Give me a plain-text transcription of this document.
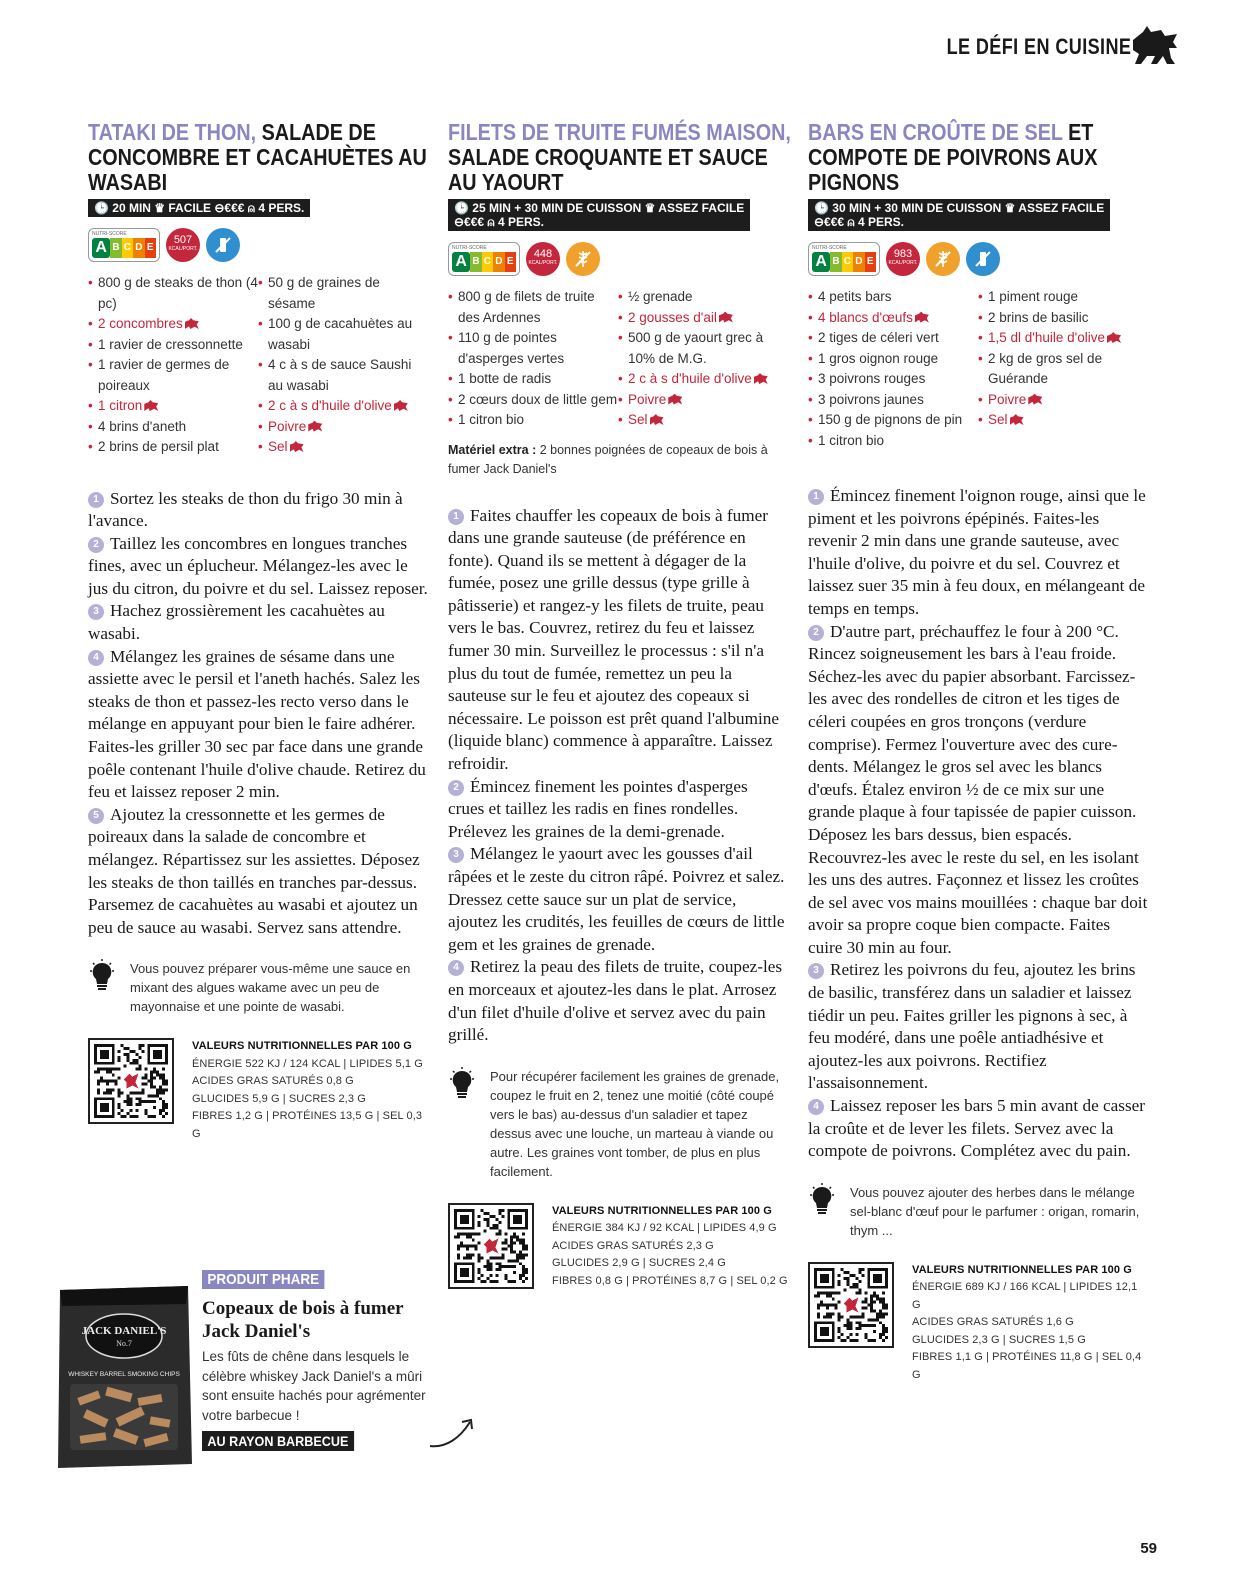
LE DÉFI EN CUISINE
TATAKI DE THON, SALADE DE CONCOMBRE ET CACAHUÈTES AU WASABI
🕒 20 MIN ♛ FACILE ⊖€€€ ⍝ 4 PERS.
NUTRI-SCORE
A B C D E
507
KCAL/PORT.
• 800 g de steaks de thon (4 pc)
• 2 concombres
• 1 ravier de cressonnette
• 1 ravier de germes de poireaux
• 1 citron
• 4 brins d'aneth
• 2 brins de persil plat
• 50 g de graines de sésame
• 100 g de cacahuètes au wasabi
• 4 c à s de sauce Saushi au wasabi
• 2 c à s d'huile d'olive
• Poivre
• Sel

1 Sortez les steaks de thon du frigo 30 min à l'avance.

2 Taillez les concombres en longues tranches fines, avec un éplucheur. Mélangez-les avec le jus du citron, du poivre et du sel. Laissez reposer.

3 Hachez grossièrement les cacahuètes au wasabi.

4 Mélangez les graines de sésame dans une assiette avec le persil et l'aneth hachés. Salez les steaks de thon et passez-les recto verso dans le mélange en appuyant pour bien le faire adhérer. Faites-les griller 30 sec par face dans une grande poêle contenant l'huile d'olive chaude. Retirez du feu et laissez reposer 2 min.

5 Ajoutez la cressonnette et les germes de poireaux dans la salade de concombre et mélangez. Répartissez sur les assiettes. Déposez les steaks de thon taillés en tranches par-dessus. Parsemez de cacahuètes au wasabi et ajoutez un peu de sauce au wasabi. Servez sans attendre.

Vous pouvez préparer vous-même une sauce en mixant des algues wakame avec un peu de mayonnaise et une pointe de wasabi.
VALEURS NUTRITIONNELLES PAR 100 G
ÉNERGIE 522 KJ / 124 KCAL | LIPIDES 5,1 G
ACIDES GRAS SATURÉS 0,8 G
GLUCIDES 5,9 G | SUCRES 2,3 G
FIBRES 1,2 G | PROTÉINES 13,5 G | SEL 0,3 G
FILETS DE TRUITE FUMÉS MAISON, SALADE CROQUANTE ET SAUCE AU YAOURT
🕒 25 MIN + 30 MIN DE CUISSON ♛ ASSEZ FACILE
⊖€€€ ⍝ 4 PERS.
NUTRI-SCORE
A B C D E
448
KCAL/PORT.
• 800 g de filets de truite des Ardennes
• 110 g de pointes d'asperges vertes
• 1 botte de radis
• 2 cœurs doux de little gem
• 1 citron bio
• ½ grenade
• 2 gousses d'ail
• 500 g de yaourt grec à 10% de M.G.
• 2 c à s d'huile d'olive
• Poivre
• Sel
Matériel extra : 2 bonnes poignées de copeaux de bois à fumer Jack Daniel's

1 Faites chauffer les copeaux de bois à fumer dans une grande sauteuse (de préférence en fonte). Quand ils se mettent à dégager de la fumée, posez une grille dessus (type grille à pâtisserie) et rangez-y les filets de truite, peau vers le bas. Couvrez, retirez du feu et laissez fumer 30 min. Surveillez le processus : s'il n'a plus du tout de fumée, remettez un peu la sauteuse sur le feu et ajoutez des copeaux si nécessaire. Le poisson est prêt quand l'albumine (liquide blanc) commence à apparaître. Laissez refroidir.

2 Émincez finement les pointes d'asperges crues et taillez les radis en fines rondelles. Prélevez les graines de la demi-grenade.

3 Mélangez le yaourt avec les gousses d'ail râpées et le zeste du citron râpé. Poivrez et salez. Dressez cette sauce sur un plat de service, ajoutez les crudités, les feuilles de cœurs de little gem et les graines de grenade.

4 Retirez la peau des filets de truite, coupez-les en morceaux et ajoutez-les dans le plat. Arrosez d'un filet d'huile d'olive et servez avec du pain grillé.

Pour récupérer facilement les graines de grenade, coupez le fruit en 2, tenez une moitié (côté coupé vers le bas) au-dessus d'un saladier et tapez dessus avec une louche, un marteau à viande ou autre. Les graines vont tomber, de plus en plus facilement.
VALEURS NUTRITIONNELLES PAR 100 G
ÉNERGIE 384 KJ / 92 KCAL | LIPIDES 4,9 G
ACIDES GRAS SATURÉS 2,3 G
GLUCIDES 2,9 G | SUCRES 2,4 G
FIBRES 0,8 G | PROTÉINES 8,7 G | SEL 0,2 G
BARS EN CROÛTE DE SEL ET COMPOTE DE POIVRONS AUX PIGNONS
🕒 30 MIN + 30 MIN DE CUISSON ♛ ASSEZ FACILE
⊖€€€ ⍝ 4 PERS.
NUTRI-SCORE
A B C D E
983
KCAL/PORT.
• 4 petits bars
• 4 blancs d'œufs
• 2 tiges de céleri vert
• 1 gros oignon rouge
• 3 poivrons rouges
• 3 poivrons jaunes
• 150 g de pignons de pin
• 1 citron bio
• 1 piment rouge
• 2 brins de basilic
• 1,5 dl d'huile d'olive
• 2 kg de gros sel de Guérande
• Poivre
• Sel

1 Émincez finement l'oignon rouge, ainsi que le piment et les poivrons épépinés. Faites-les revenir 2 min dans une grande sauteuse, avec l'huile d'olive, du poivre et du sel. Couvrez et laissez suer 35 min à feu doux, en mélangeant de temps en temps.

2 D'autre part, préchauffez le four à 200 °C. Rincez soigneusement les bars à l'eau froide. Séchez-les avec du papier absorbant. Farcissez-les avec des rondelles de citron et les tiges de céleri coupées en gros tronçons (verdure comprise). Fermez l'ouverture avec des cure-dents. Mélangez le gros sel avec les blancs d'œufs. Étalez environ ½ de ce mix sur une grande plaque à four tapissée de papier cuisson. Déposez les bars dessus, bien espacés. Recouvrez-les avec le reste du sel, en les isolant les uns des autres. Façonnez et lissez les croûtes de sel avec vos mains mouillées : chaque bar doit avoir sa propre coque bien compacte. Faites cuire 30 min au four.

3 Retirez les poivrons du feu, ajoutez les brins de basilic, transférez dans un saladier et laissez tiédir un peu. Faites griller les pignons à sec, à feu modéré, dans une poêle antiadhésive et ajoutez-les aux poivrons. Rectifiez l'assaisonnement.

4 Laissez reposer les bars 5 min avant de casser la croûte et de lever les filets. Servez avec la compote de poivrons. Complétez avec du pain.

Vous pouvez ajouter des herbes dans le mélange sel-blanc d'œuf pour le parfumer : origan, romarin, thym ...
VALEURS NUTRITIONNELLES PAR 100 G
ÉNERGIE 689 KJ / 166 KCAL | LIPIDES 12,1 G
ACIDES GRAS SATURÉS 1,6 G
GLUCIDES 2,3 G | SUCRES 1,5 G
FIBRES 1,1 G | PROTÉINES 11,8 G | SEL 0,4 G
JACK DANIEL'S
No.7
WHISKEY BARREL SMOKING CHIPS
PRODUIT PHARE
Copeaux de bois à fumer Jack Daniel's
Les fûts de chêne dans lesquels le célèbre whiskey Jack Daniel's a mûri sont ensuite hachés pour agrémenter votre barbecue !
AU RAYON BARBECUE
59
